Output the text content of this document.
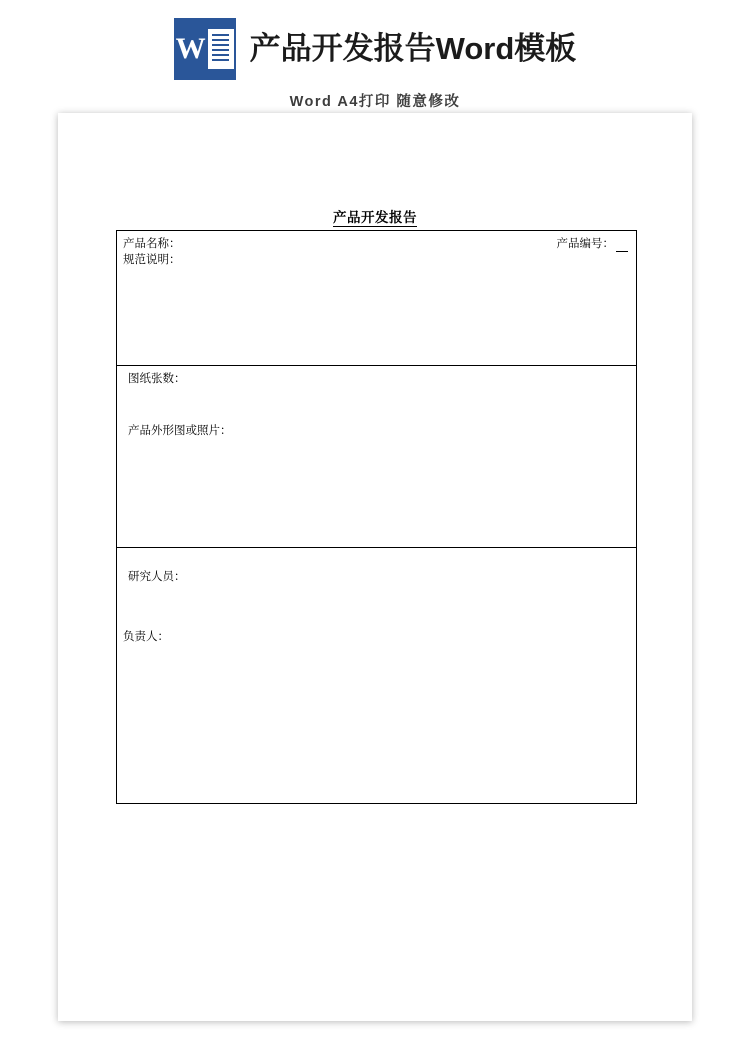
W 产品开发报告Word模板
Word A4打印 随意修改
产品开发报告
产品名称：	产品编号：
规范说明：
图纸张数：
产品外形图或照片：
研究人员：
负责人：
